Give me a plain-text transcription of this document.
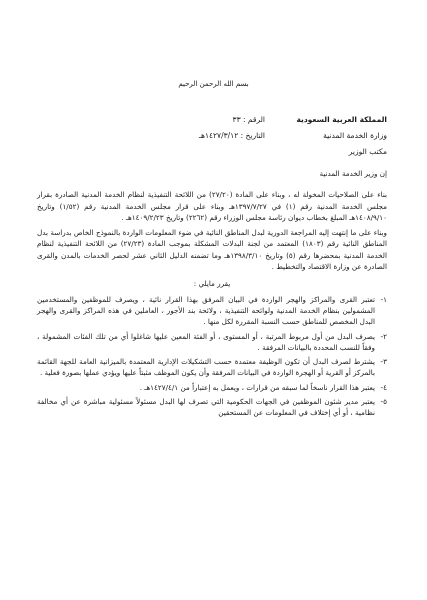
بسم الله الرحمن الرحيم
المملكة العربية السعودية
وزارة الخدمة المدنية
مكتب الوزير
الرقم : ٣٣
التاريخ : ١٤٢٧/٣/١٢هـ

إن وزير الخدمة المدنية

بناء على الصلاحيات المخولة له ، وبناء على المادة (٢٧/٢٠) من اللائحة التنفيذية لنظام الخدمة المدنية الصادرة بقرار مجلس الخدمة المدنية رقم (١) في ١٣٩٧/٧/٢٧هـ وبناء على قرار مجلس الخدمة المدنية رقم (١/٥٢) وتاريخ ١٤٠٨/٩/١٠هـ المبلغ بخطاب ديوان رئاسة مجلس الوزراء رقم (٢٢٦٢) وتاريخ ١٤٠٩/٢/٢٣هـ .

وبناء على ما إنتهت إليه المراجعة الدورية لبدل المناطق النائية في ضوء المعلومات الواردة بالنموذج الخاص بدراسة بدل المناطق النائية رقم (١٨٠٣) المعتمد من لجنة البدلات المشكلة بموجب المادة (٢٧/٢٣) من اللائحة التنفيذية لنظام الخدمة المدنية بمحضرها رقم (٥) وتاريخ ١٣٩٨/٣/١٠هـ وما تضمنه الدليل الثاني عشر لحصر الخدمات بالمدن والقرى الصادرة عن وزارة الاقتصاد والتخطيط .

يقرر مايلي :
١-
تعتبر القرى والمراكز والهجر الواردة في البيان المرفق بهذا القرار نائية ، ويصرف للموظفين والمستخدمين المشمولين بنظام الخدمة المدنية ولوائحه التنفيذية ، ولائحة بند الأجور ، العاملين في هذه المراكز والقرى والهجر البدل المخصص للمناطق حسب النسبة المقررة لكل منها .
٢-
يصرف البدل من أول مربوط المرتبة ، أو المستوى ، أو الفئة المعين عليها شاغلوا أي من تلك الفئات المشمولة ، وفقاً للنسب المحددة بالبيانات المرفقة .
٣-
يشترط لصرف البدل أن تكون الوظيفة معتمدة حسب التشكيلات الإدارية المعتمدة بالميزانية العامة للجهة القائمة بالمركز أو القرية أو الهجرة الواردة في البيانات المرفقة وأن يكون الموظف مثبتاً عليها ويؤدي عملها بصورة فعلية .
٤-
يعتبر هذا القرار ناسخاً لما سبقه من قرارات ، ويعمل به إعتباراً من ١٤٢٧/٤/١هـ .
٥-
يعتبر مدير شئون الموظفين في الجهات الحكومية التي تصرف لها البدل مسئولاً مسئولية مباشرة عن أي مخالفة نظامية ، أو أي إختلاف في المعلومات عن المستحقين
